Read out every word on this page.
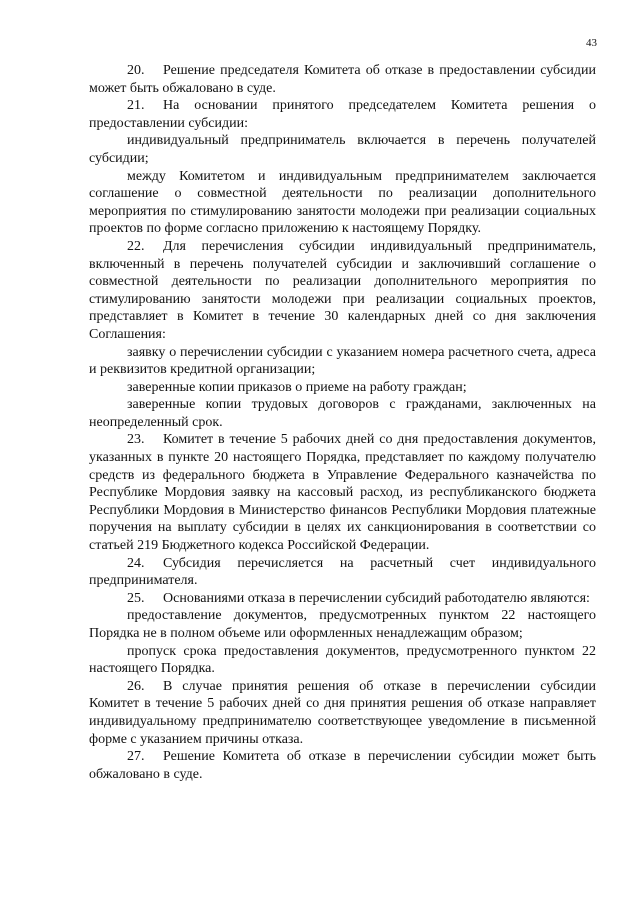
43

20. Решение председателя Комитета об отказе в предоставлении субсидии может быть обжаловано в суде.

21. На основании принятого председателем Комитета решения о предоставлении субсидии:

индивидуальный предприниматель включается в перечень получателей субсидии;

между Комитетом и индивидуальным предпринимателем заключается соглашение о совместной деятельности по реализации дополнительного мероприятия по стимулированию занятости молодежи при реализации социальных проектов по форме согласно приложению к настоящему Порядку.

22. Для перечисления субсидии индивидуальный предприниматель, включенный в перечень получателей субсидии и заключивший соглашение о совместной деятельности по реализации дополнительного мероприятия по стимулированию занятости молодежи при реализации социальных проектов, представляет в Комитет в течение 30 календарных дней со дня заключения Соглашения:

заявку о перечислении субсидии с указанием номера расчетного счета, адреса и реквизитов кредитной организации;

заверенные копии приказов о приеме на работу граждан;

заверенные копии трудовых договоров с гражданами, заключенных на неопределенный срок.

23. Комитет в течение 5 рабочих дней со дня предоставления документов, указанных в пункте 20 настоящего Порядка, представляет по каждому получателю средств из федерального бюджета в Управление Федерального казначейства по Республике Мордовия заявку на кассовый расход, из республиканского бюджета Республики Мордовия в Министерство финансов Республики Мордовия платежные поручения на выплату субсидии в целях их санкционирования в соответствии со статьей 219 Бюджетного кодекса Российской Федерации.

24. Субсидия перечисляется на расчетный счет индивидуального предпринимателя.

25. Основаниями отказа в перечислении субсидий работодателю являются:

предоставление документов, предусмотренных пунктом 22 настоящего Порядка не в полном объеме или оформленных ненадлежащим образом;

пропуск срока предоставления документов, предусмотренного пунктом 22 настоящего Порядка.

26. В случае принятия решения об отказе в перечислении субсидии Комитет в течение 5 рабочих дней со дня принятия решения об отказе направляет индивидуальному предпринимателю соответствующее уведомление в письменной форме с указанием причины отказа.

27. Решение Комитета об отказе в перечислении субсидии может быть обжаловано в суде.
